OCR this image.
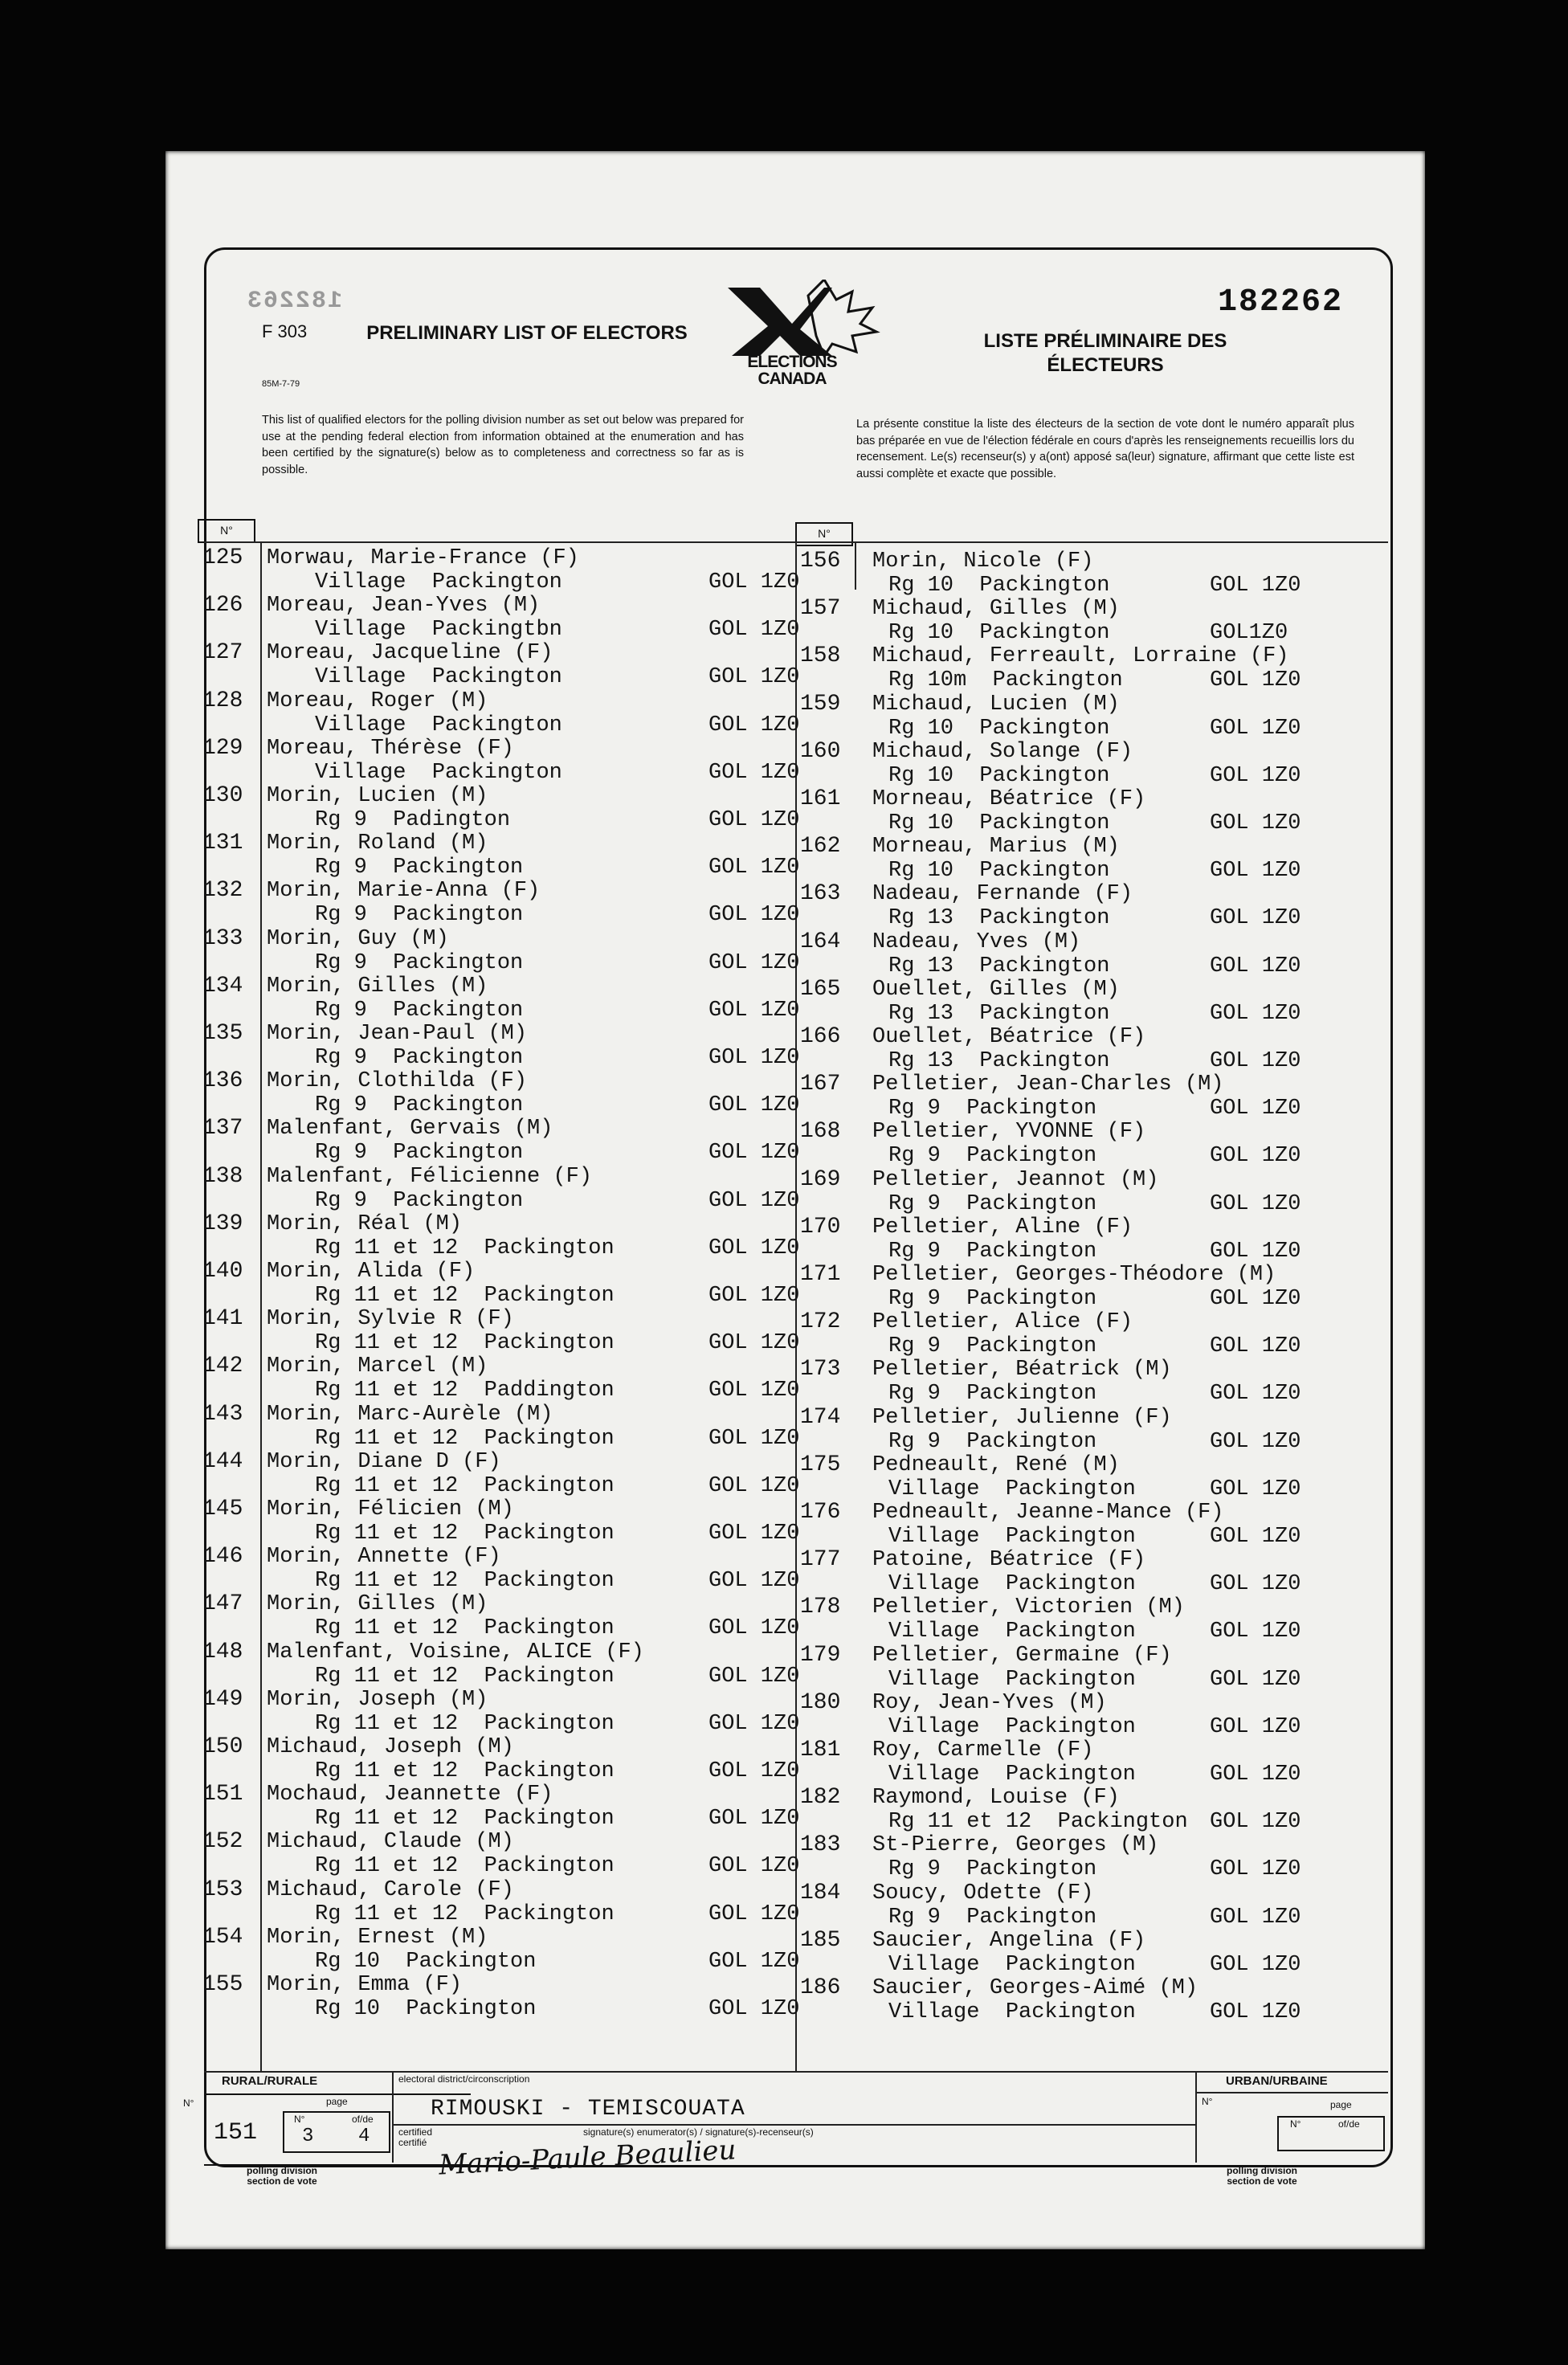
182263
F 303
85M-7-79
PRELIMINARY LIST OF ELECTORS
ELECTIONS
CANADA
LISTE PRÉLIMINAIRE DES ÉLECTEURS
182262
This list of qualified electors for the polling division number as set out below was prepared for use at the pending federal election from information obtained at the enumeration and has been certified by the signature(s) below as to completeness and correctness so far as is possible.
La présente constitue la liste des électeurs de la section de vote dont le numéro apparaît plus bas préparée en vue de l'élection fédérale en cours d'après les renseignements recueillis lors du recensement. Le(s) recenseur(s) y a(ont) apposé sa(leur) signature, affirmant que cette liste est aussi complète et exacte que possible.
N°	N°
125	Morwau, Marie-France (F)
Village  Packington	GOL 1Z0
126	Moreau, Jean-Yves (M)
Village  Packingtbn	GOL 1Z0
127	Moreau, Jacqueline (F)
Village  Packington	GOL 1Z0
128	Moreau, Roger (M)
Village  Packington	GOL 1Z0
129	Moreau, Thérèse (F)
Village  Packington	GOL 1Z0
130	Morin, Lucien (M)
Rg 9  Padington	GOL 1Z0
131	Morin, Roland (M)
Rg 9  Packington	GOL 1Z0
132	Morin, Marie-Anna (F)
Rg 9  Packington	GOL 1Z0
133	Morin, Guy (M)
Rg 9  Packington	GOL 1Z0
134	Morin, Gilles (M)
Rg 9  Packington	GOL 1Z0
135	Morin, Jean-Paul (M)
Rg 9  Packington	GOL 1Z0
136	Morin, Clothilda (F)
Rg 9  Packington	GOL 1Z0
137	Malenfant, Gervais (M)
Rg 9  Packington	GOL 1Z0
138	Malenfant, Félicienne (F)
Rg 9  Packington	GOL 1Z0
139	Morin, Réal (M)
Rg 11 et 12  Packington	GOL 1Z0
140	Morin, Alida (F)
Rg 11 et 12  Packington	GOL 1Z0
141	Morin, Sylvie R (F)
Rg 11 et 12  Packington	GOL 1Z0
142	Morin, Marcel (M)
Rg 11 et 12  Paddington	GOL 1Z0
143	Morin, Marc-Aurèle (M)
Rg 11 et 12  Packington	GOL 1Z0
144	Morin, Diane D (F)
Rg 11 et 12  Packington	GOL 1Z0
145	Morin, Félicien (M)
Rg 11 et 12  Packington	GOL 1Z0
146	Morin, Annette (F)
Rg 11 et 12  Packington	GOL 1Z0
147	Morin, Gilles (M)
Rg 11 et 12  Packington	GOL 1Z0
148	Malenfant, Voisine, ALICE (F)
Rg 11 et 12  Packington	GOL 1Z0
149	Morin, Joseph (M)
Rg 11 et 12  Packington	GOL 1Z0
150	Michaud, Joseph (M)
Rg 11 et 12  Packington	GOL 1Z0
151	Mochaud, Jeannette (F)
Rg 11 et 12  Packington	GOL 1Z0
152	Michaud, Claude (M)
Rg 11 et 12  Packington	GOL 1Z0
153	Michaud, Carole (F)
Rg 11 et 12  Packington	GOL 1Z0
154	Morin, Ernest (M)
Rg 10  Packington	GOL 1Z0
155	Morin, Emma (F)
Rg 10  Packington	GOL 1Z0
156	Morin, Nicole (F)
Rg 10  Packington	GOL 1Z0
157	Michaud, Gilles (M)
Rg 10  Packington	GOL1Z0
158	Michaud, Ferreault, Lorraine (F)
Rg 10m  Packington	GOL 1Z0
159	Michaud, Lucien (M)
Rg 10  Packington	GOL 1Z0
160	Michaud, Solange (F)
Rg 10  Packington	GOL 1Z0
161	Morneau, Béatrice (F)
Rg 10  Packington	GOL 1Z0
162	Morneau, Marius (M)
Rg 10  Packington	GOL 1Z0
163	Nadeau, Fernande (F)
Rg 13  Packington	GOL 1Z0
164	Nadeau, Yves (M)
Rg 13  Packington	GOL 1Z0
165	Ouellet, Gilles (M)
Rg 13  Packington	GOL 1Z0
166	Ouellet, Béatrice (F)
Rg 13  Packington	GOL 1Z0
167	Pelletier, Jean-Charles (M)
Rg 9  Packington	GOL 1Z0
168	Pelletier, YVONNE (F)
Rg 9  Packington	GOL 1Z0
169	Pelletier, Jeannot (M)
Rg 9  Packington	GOL 1Z0
170	Pelletier, Aline (F)
Rg 9  Packington	GOL 1Z0
171	Pelletier, Georges-Théodore (M)
Rg 9  Packington	GOL 1Z0
172	Pelletier, Alice (F)
Rg 9  Packington	GOL 1Z0
173	Pelletier, Béatrick (M)
Rg 9  Packington	GOL 1Z0
174	Pelletier, Julienne (F)
Rg 9  Packington	GOL 1Z0
175	Pedneault, René (M)
Village  Packington	GOL 1Z0
176	Pedneault, Jeanne-Mance (F)
Village  Packington	GOL 1Z0
177	Patoine, Béatrice (F)
Village  Packington	GOL 1Z0
178	Pelletier, Victorien (M)
Village  Packington	GOL 1Z0
179	Pelletier, Germaine (F)
Village  Packington	GOL 1Z0
180	Roy, Jean-Yves (M)
Village  Packington	GOL 1Z0
181	Roy, Carmelle (F)
Village  Packington	GOL 1Z0
182	Raymond, Louise (F)
Rg 11 et 12  Packington GOL 1Z0
183	St-Pierre, Georges (M)
Rg 9  Packington	GOL 1Z0
184	Soucy, Odette (F)
Rg 9  Packington	GOL 1Z0
185	Saucier, Angelina (F)
Village  Packington	GOL 1Z0
186	Saucier, Georges-Aimé (M)
Village  Packington	GOL 1Z0
RURAL/RURALE
N°	page
151	N°	of/de
3 4
polling division section de vote
electoral district/circonscription
RIMOUSKI - TEMISCOUATA
certified certifié
signature(s) enumerator(s) / signature(s)-recenseur(s)
Mario-Paule Beaulieu
URBAN/URBAINE
N°	page
N°	of/de
polling division section de vote
